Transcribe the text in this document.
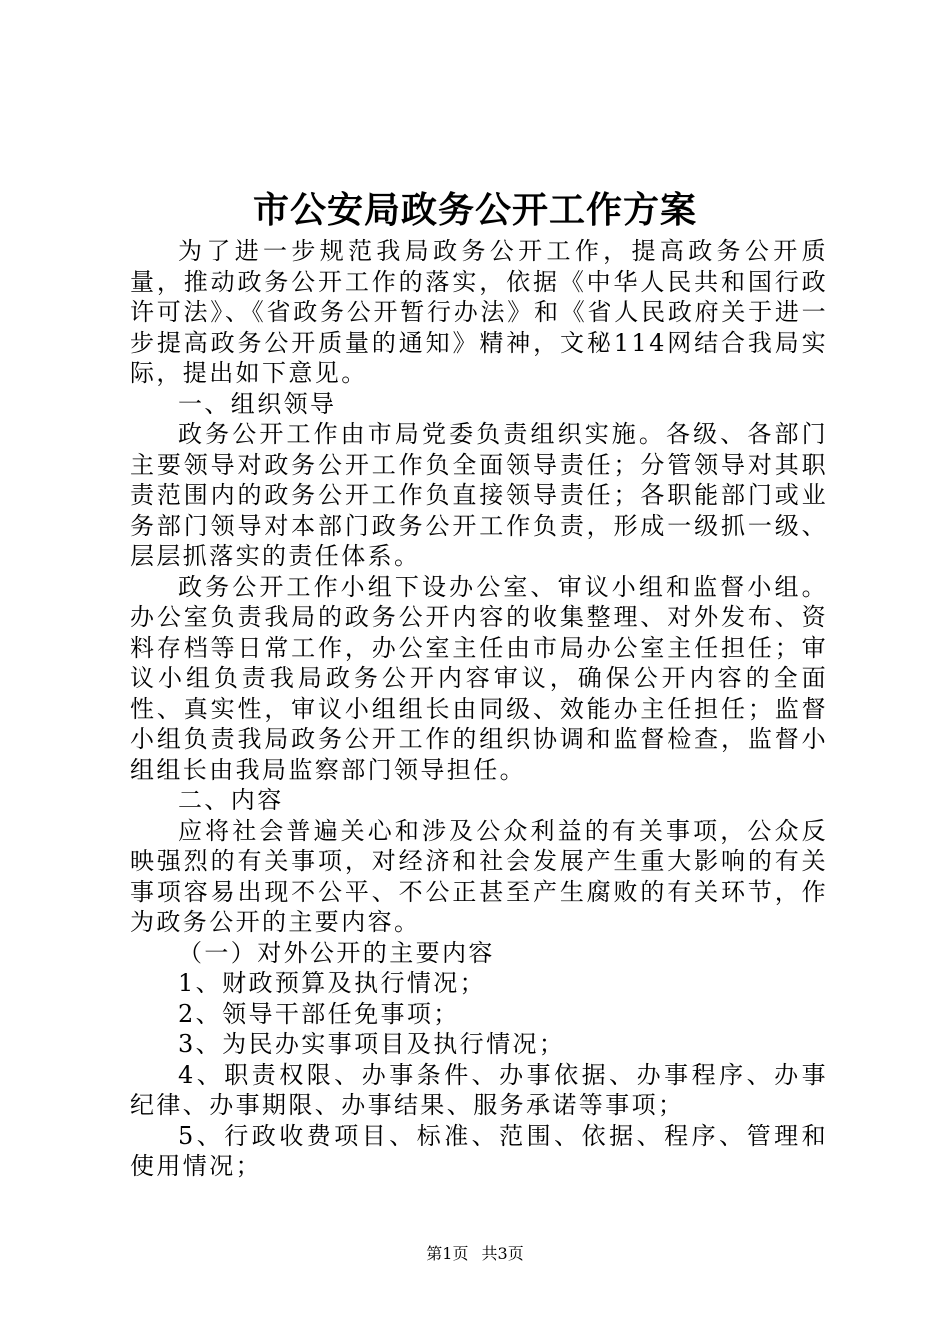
市公安局政务公开工作方案

为了进一步规范我局政务公开工作，提高政务公开质量，推动政务公开工作的落实，依据《中华人民共和国行政许可法》、《省政务公开暂行办法》和《省人民政府关于进一步提高政务公开质量的通知》精神，文秘114网结合我局实际，提出如下意见。

一、组织领导

政务公开工作由市局党委负责组织实施。各级、各部门主要领导对政务公开工作负全面领导责任；分管领导对其职责范围内的政务公开工作负直接领导责任；各职能部门或业务部门领导对本部门政务公开工作负责，形成一级抓一级、层层抓落实的责任体系。

政务公开工作小组下设办公室、审议小组和监督小组。办公室负责我局的政务公开内容的收集整理、对外发布、资料存档等日常工作，办公室主任由市局办公室主任担任；审议小组负责我局政务公开内容审议，确保公开内容的全面性、真实性，审议小组组长由同级、效能办主任担任；监督小组负责我局政务公开工作的组织协调和监督检查，监督小组组长由我局监察部门领导担任。

二、内容

应将社会普遍关心和涉及公众利益的有关事项，公众反映强烈的有关事项，对经济和社会发展产生重大影响的有关事项容易出现不公平、不公正甚至产生腐败的有关环节，作为政务公开的主要内容。

（一）对外公开的主要内容

1、财政预算及执行情况；

2、领导干部任免事项；

3、为民办实事项目及执行情况；

4、职责权限、办事条件、办事依据、办事程序、办事纪律、办事期限、办事结果、服务承诺等事项；

5、行政收费项目、标准、范围、依据、程序、管理和使用情况；

第1页 共3页
